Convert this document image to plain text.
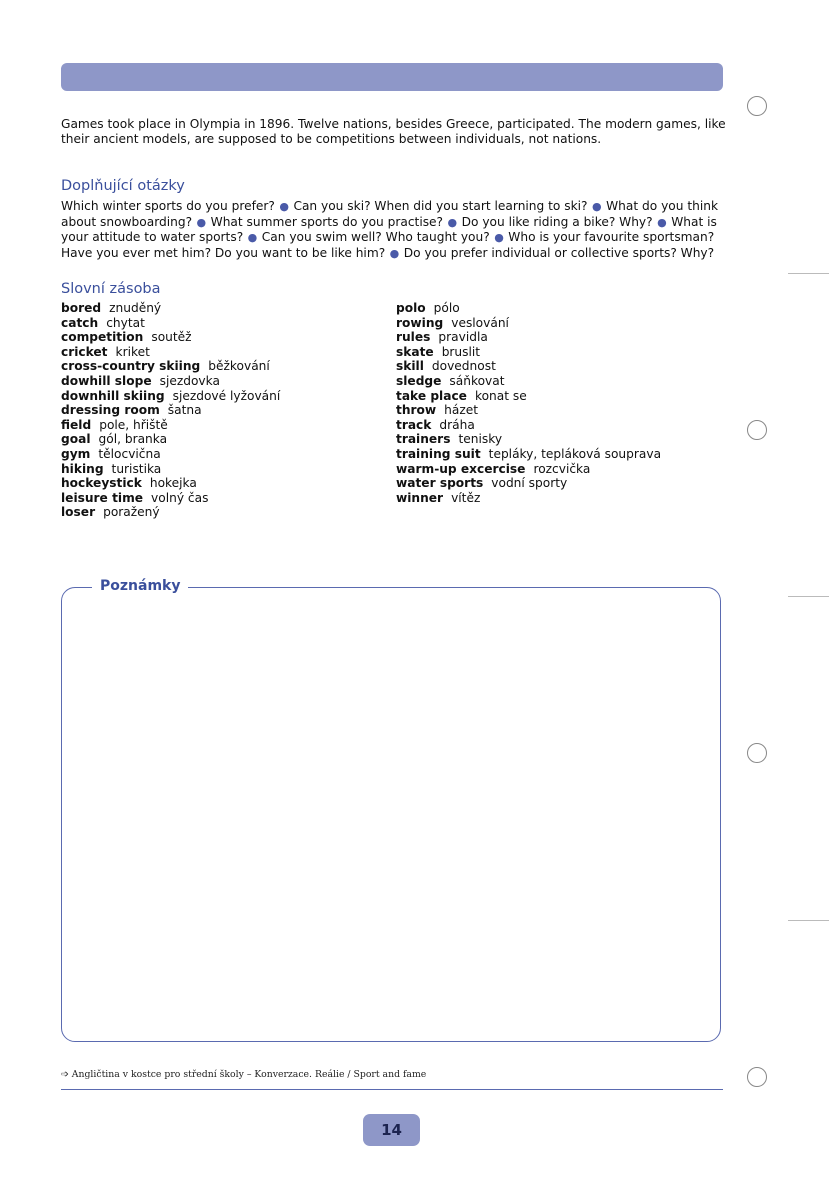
Games took place in Olympia in 1896. Twelve nations, besides Greece, participated. The modern games, like their ancient models, are supposed to be competitions between individuals, not nations.

Doplňující otázky

Which winter sports do you prefer? ● Can you ski? When did you start learning to ski? ● What do you think about snowboarding? ● What summer sports do you practise? ● Do you like riding a bike? Why? ● What is your attitude to water sports? ● Can you swim well? Who taught you? ● Who is your favourite sportsman? Have you ever met him? Do you want to be like him? ● Do you prefer individual or collective sports? Why?

Slovní zásoba
bored znuděný
catch chytat
competition soutěž
cricket kriket
cross-country skiing běžkování
dowhill slope sjezdovka
downhill skiing sjezdové lyžování
dressing room šatna
field pole, hřiště
goal gól, branka
gym tělocvična
hiking turistika
hockeystick hokejka
leisure time volný čas
loser poražený
polo pólo
rowing veslování
rules pravidla
skate bruslit
skill dovednost
sledge sáňkovat
take place konat se
throw házet
track dráha
trainers tenisky
training suit tepláky, tepláková souprava
warm-up excercise rozcvička
water sports vodní sporty
winner vítěz
Poznámky
➩ Angličtina v kostce pro střední školy – Konverzace. Reálie / Sport and fame
14
